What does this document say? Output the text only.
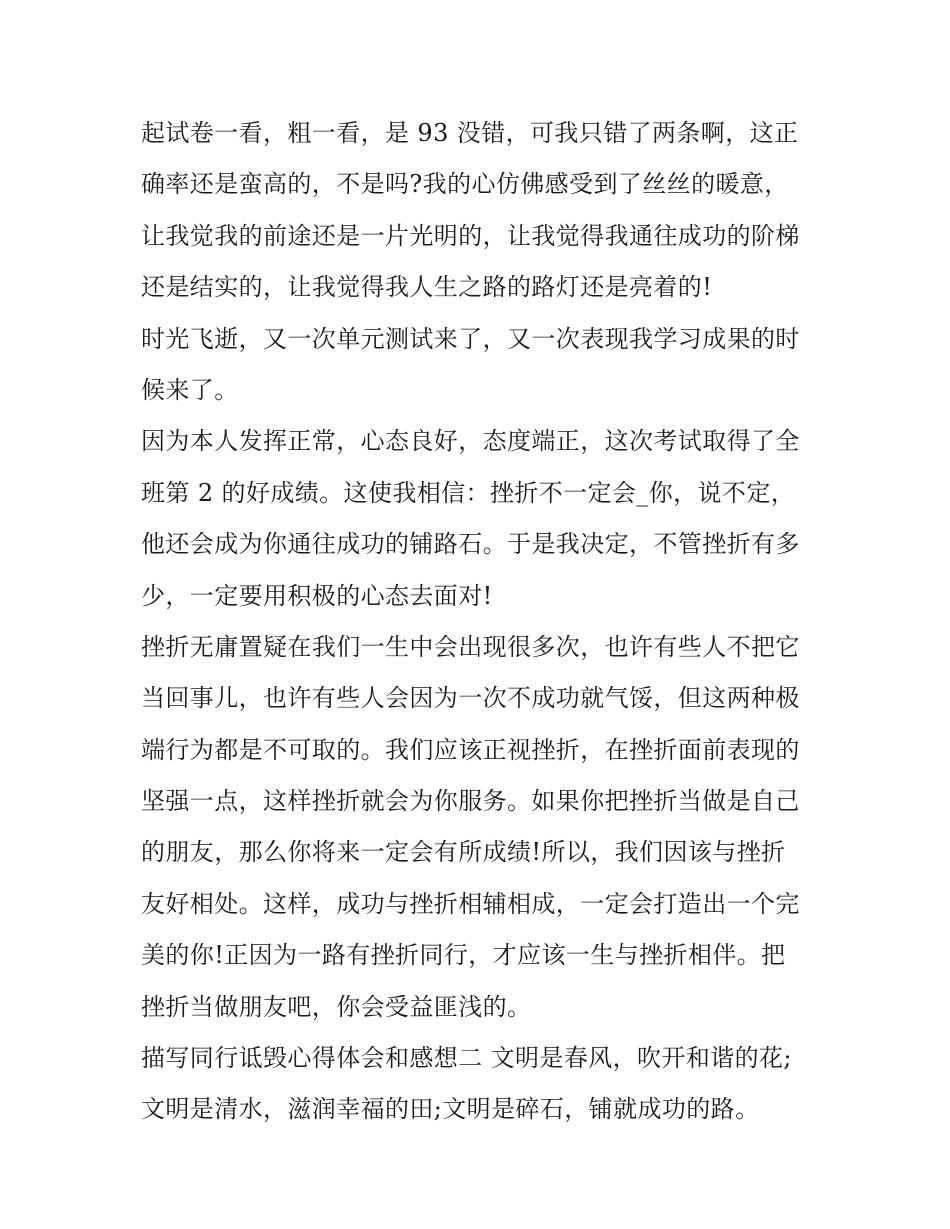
起试卷一看，粗一看，是 93 没错，可我只错了两条啊，这正
确率还是蛮高的，不是吗?我的心仿佛感受到了丝丝的暖意，
让我觉我的前途还是一片光明的，让我觉得我通往成功的阶梯
还是结实的，让我觉得我人生之路的路灯还是亮着的!
时光飞逝，又一次单元测试来了，又一次表现我学习成果的时
候来了。
因为本人发挥正常，心态良好，态度端正，这次考试取得了全
班第 2 的好成绩。这使我相信：挫折不一定会_你，说不定，
他还会成为你通往成功的铺路石。于是我决定，不管挫折有多
少，一定要用积极的心态去面对!
挫折无庸置疑在我们一生中会出现很多次，也许有些人不把它
当回事儿，也许有些人会因为一次不成功就气馁，但这两种极
端行为都是不可取的。我们应该正视挫折，在挫折面前表现的
坚强一点，这样挫折就会为你服务。如果你把挫折当做是自己
的朋友，那么你将来一定会有所成绩!所以，我们因该与挫折
友好相处。这样，成功与挫折相辅相成，一定会打造出一个完
美的你!正因为一路有挫折同行，才应该一生与挫折相伴。把
挫折当做朋友吧，你会受益匪浅的。
描写同行诋毁心得体会和感想二 文明是春风，吹开和谐的花;
文明是清水，滋润幸福的田;文明是碎石，铺就成功的路。
